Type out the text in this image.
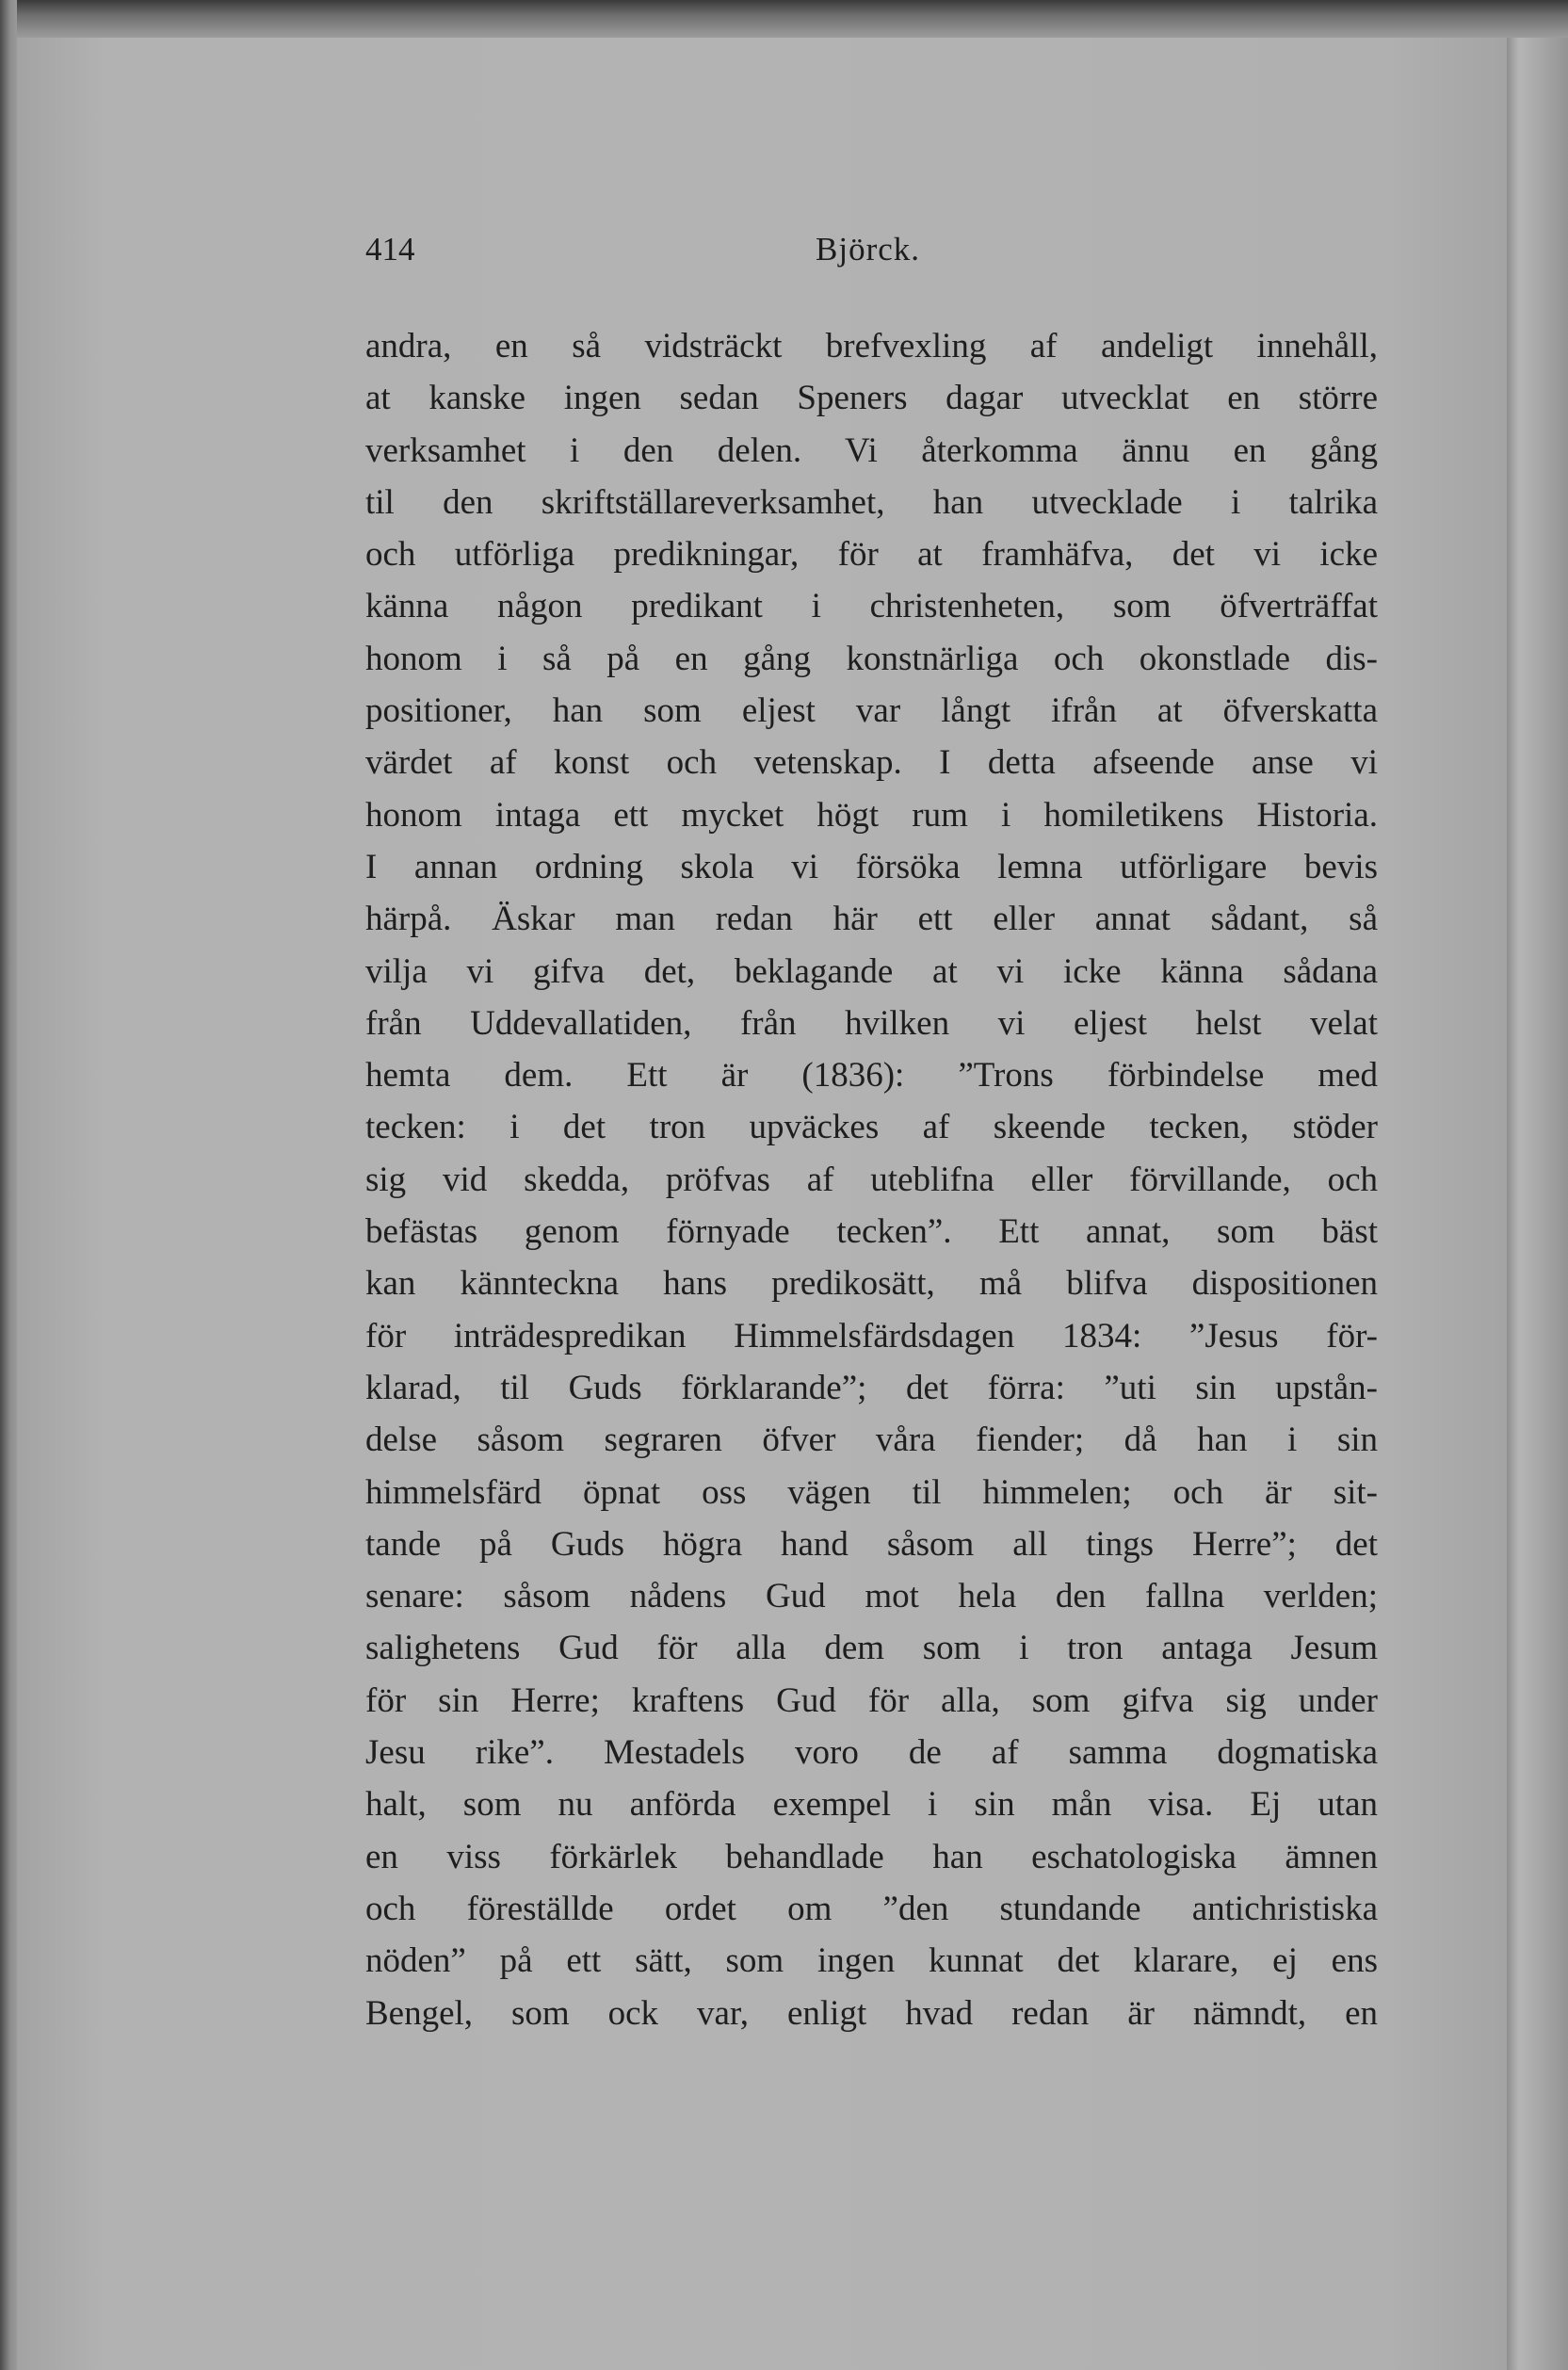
414	Björck.
andra, en så vidsträckt brefvexling af andeligt innehåll,
at kanske ingen sedan Speners dagar utvecklat en större
verksamhet i den delen. Vi återkomma ännu en gång
til den skriftställareverksamhet, han utvecklade i talrika
och utförliga predikningar, för at framhäfva, det vi icke
känna någon predikant i christenheten, som öfverträffat
honom i så på en gång konstnärliga och okonstlade dis-
positioner, han som eljest var långt ifrån at öfverskatta
värdet af konst och vetenskap. I detta afseende anse vi
honom intaga ett mycket högt rum i homiletikens Historia.
I annan ordning skola vi försöka lemna utförligare bevis
härpå. Äskar man redan här ett eller annat sådant, så
vilja vi gifva det, beklagande at vi icke känna sådana
från Uddevallatiden, från hvilken vi eljest helst velat
hemta dem. Ett är (1836): ”Trons förbindelse med
tecken: i det tron upväckes af skeende tecken, stöder
sig vid skedda, pröfvas af uteblifna eller förvillande, och
befästas genom förnyade tecken”. Ett annat, som bäst
kan kännteckna hans predikosätt, må blifva dispositionen
för inträdespredikan Himmelsfärdsdagen 1834: ”Jesus för-
klarad, til Guds förklarande”; det förra: ”uti sin upstån-
delse såsom segraren öfver våra fiender; då han i sin
himmelsfärd öpnat oss vägen til himmelen; och är sit-
tande på Guds högra hand såsom all tings Herre”; det
senare: såsom nådens Gud mot hela den fallna verlden;
salighetens Gud för alla dem som i tron antaga Jesum
för sin Herre; kraftens Gud för alla, som gifva sig under
Jesu rike”. Mestadels voro de af samma dogmatiska
halt, som nu anförda exempel i sin mån visa. Ej utan
en viss förkärlek behandlade han eschatologiska ämnen
och föreställde ordet om ”den stundande antichristiska
nöden” på ett sätt, som ingen kunnat det klarare, ej ens
Bengel, som ock var, enligt hvad redan är nämndt, en
